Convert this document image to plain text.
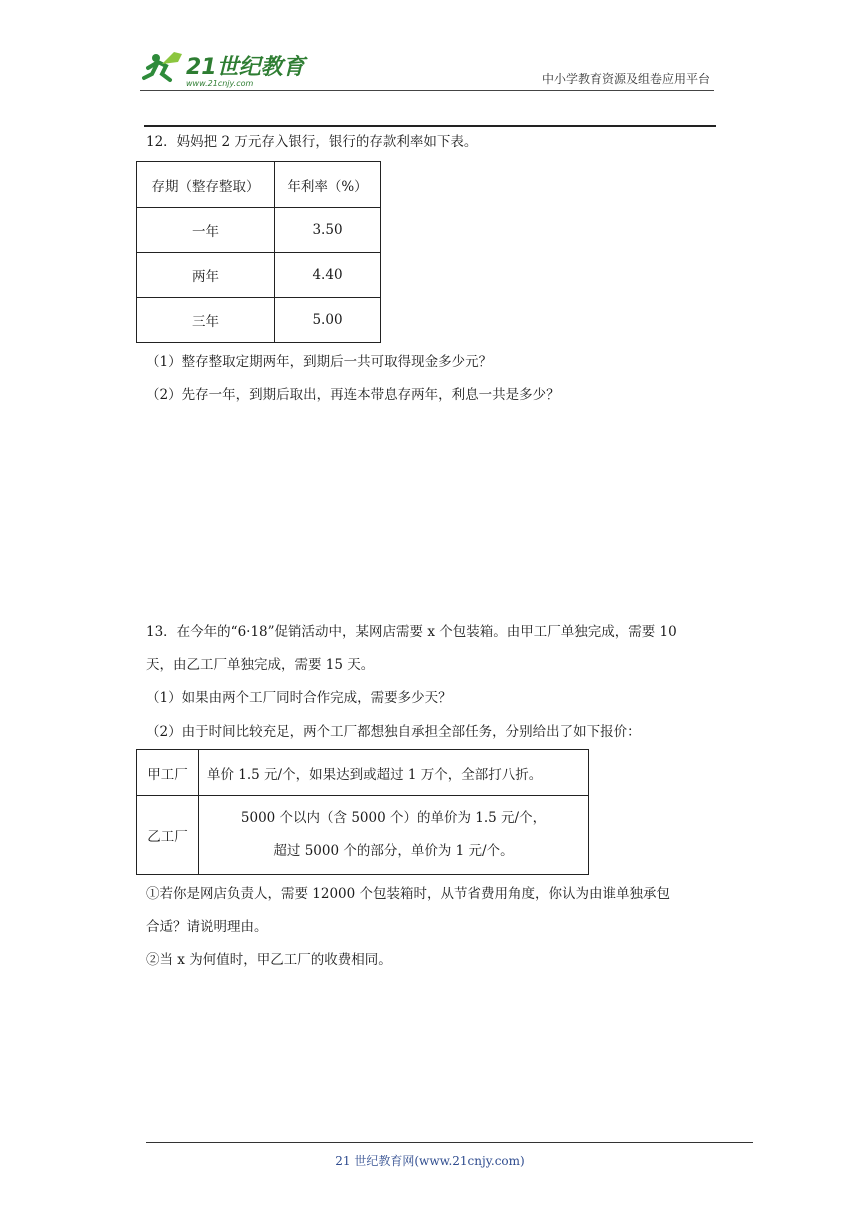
21世纪教育
www.21cnjy.com	中小学教育资源及组卷应用平台
12．妈妈把 2 万元存入银行，银行的存款利率如下表。
存期（整存整取）	年利率（%）
一年	3.50
两年	4.40
三年	5.00
（1）整存整取定期两年，到期后一共可取得现金多少元？
（2）先存一年，到期后取出，再连本带息存两年，利息一共是多少？
13．在今年的“6·18”促销活动中，某网店需要 x 个包装箱。由甲工厂单独完成，需要 10
天，由乙工厂单独完成，需要 15 天。
（1）如果由两个工厂同时合作完成，需要多少天？
（2）由于时间比较充足，两个工厂都想独自承担全部任务，分别给出了如下报价：
甲工厂	单价 1.5 元/个，如果达到或超过 1 万个，全部打八折。
乙工厂	5000 个以内（含 5000 个）的单价为 1.5 元/个，
超过 5000 个的部分，单价为 1 元/个。
①若你是网店负责人，需要 12000 个包装箱时，从节省费用角度，你认为由谁单独承包
合适？请说明理由。
②当 x 为何值时，甲乙工厂的收费相同。
21 世纪教育网(www.21cnjy.com)
